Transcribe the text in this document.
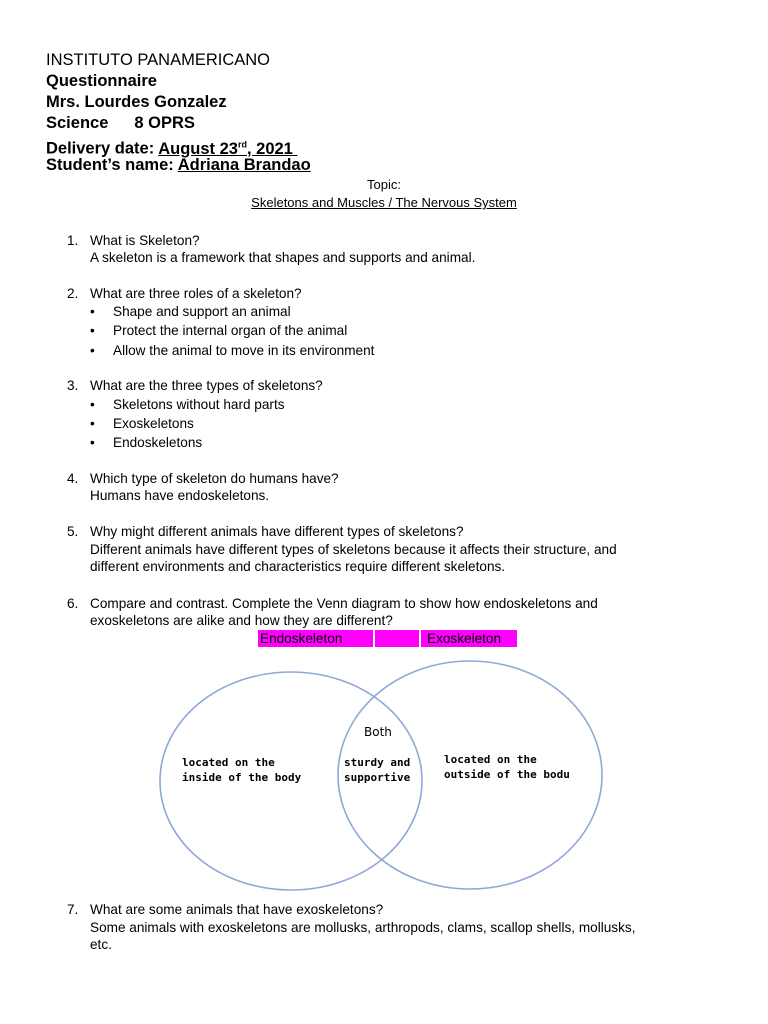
INSTITUTO PANAMERICANO
Questionnaire
Mrs. Lourdes Gonzalez
Science 8 OPRS
Delivery date: August 23rd, 2021
Student’s name: Adriana Brandao
Topic:
Skeletons and Muscles / The Nervous System
1. What is Skeleton?
A skeleton is a framework that shapes and supports and animal.
2. What are three roles of a skeleton?
• Shape and support an animal
• Protect the internal organ of the animal
• Allow the animal to move in its environment
3. What are the three types of skeletons?
• Skeletons without hard parts
• Exoskeletons
• Endoskeletons
4. Which type of skeleton do humans have?
Humans have endoskeletons.
5. Why might different animals have different types of skeletons?
Different animals have different types of skeletons because it affects their structure, and
different environments and characteristics require different skeletons.
6. Compare and contrast. Complete the Venn diagram to show how endoskeletons and
exoskeletons are alike and how they are different?
Endoskeleton	Exoskeleton
Both
located on the
inside of the body
sturdy and
supportive
located on the
outside of the bodu
7. What are some animals that have exoskeletons?
Some animals with exoskeletons are mollusks, arthropods, clams, scallop shells, mollusks,
etc.
